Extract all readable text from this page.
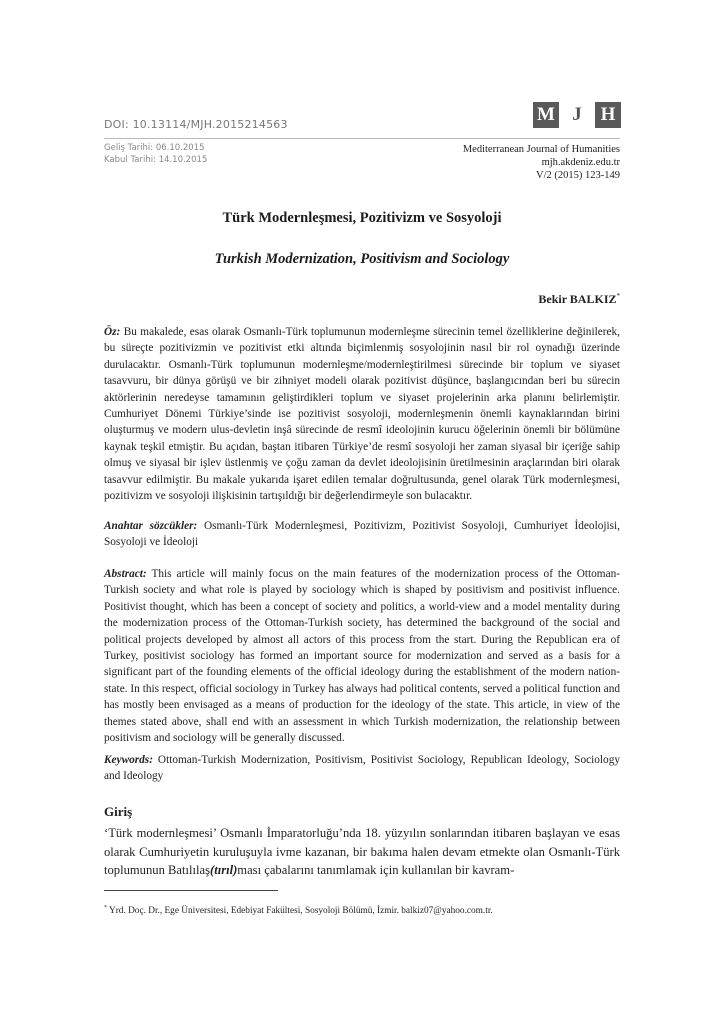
DOI: 10.13114/MJH.2015214563
Geliş Tarihi: 06.10.2015
Kabul Tarihi: 14.10.2015
M J H
Mediterranean Journal of Humanities
mjh.akdeniz.edu.tr
V/2 (2015) 123-149
Türk Modernleşmesi, Pozitivizm ve Sosyoloji
Turkish Modernization, Positivism and Sociology
Bekir BALKIZ*
Öz: Bu makalede, esas olarak Osmanlı-Türk toplumunun modernleşme sürecinin temel özelliklerine değinilerek, bu süreçte pozitivizmin ve pozitivist etki altında biçimlenmiş sosyolojinin nasıl bir rol oynadığı üzerinde durulacaktır. Osmanlı-Türk toplumunun modernleşme/modernleştirilmesi sürecinde bir toplum ve siyaset tasavvuru, bir dünya görüşü ve bir zihniyet modeli olarak pozitivist düşünce, başlangıcından beri bu sürecin aktörlerinin neredeyse tamamının geliştirdikleri toplum ve siyaset projelerinin arka planını belirlemiştir. Cumhuriyet Dönemi Türkiye’sinde ise pozitivist sosyoloji, modernleşmenin önemli kaynaklarından birini oluşturmuş ve modern ulus-devletin inşâ sürecinde de resmî ideolojinin kurucu öğelerinin önemli bir bölümüne kaynak teşkil etmiştir. Bu açıdan, baştan itibaren Türkiye’de resmî sosyoloji her zaman siyasal bir içeriğe sahip olmuş ve siyasal bir işlev üstlenmiş ve çoğu zaman da devlet ideolojisinin üretilmesinin araçlarından biri olarak tasavvur edilmiştir. Bu makale yukarıda işaret edilen temalar doğrultusunda, genel olarak Türk modernleşmesi, pozitivizm ve sosyoloji ilişkisinin tartışıldığı bir değerlendirmeyle son bulacaktır.
Anahtar sözcükler: Osmanlı-Türk Modernleşmesi, Pozitivizm, Pozitivist Sosyoloji, Cumhuriyet İdeolojisi, Sosyoloji ve İdeoloji
Abstract: This article will mainly focus on the main features of the modernization process of the Ottoman-Turkish society and what role is played by sociology which is shaped by positivism and positivist influence. Positivist thought, which has been a concept of society and politics, a world-view and a model mentality during the modernization process of the Ottoman-Turkish society, has determined the background of the social and political projects developed by almost all actors of this process from the start. During the Republican era of Turkey, positivist sociology has formed an important source for modernization and served as a basis for a significant part of the founding elements of the official ideology during the establishment of the modern nation-state. In this respect, official sociology in Turkey has always had political contents, served a political function and has mostly been envisaged as a means of production for the ideology of the state. This article, in view of the themes stated above, shall end with an assessment in which Turkish modernization, the relationship between positivism and sociology will be generally discussed.
Keywords: Ottoman-Turkish Modernization, Positivism, Positivist Sociology, Republican Ideology, Sociology and Ideology
Giriş
‘Türk modernleşmesi’ Osmanlı İmparatorluğu’nda 18. yüzyılın sonlarından itibaren başlayan ve esas olarak Cumhuriyetin kuruluşuyla ivme kazanan, bir bakıma halen devam etmekte olan Osmanlı-Türk toplumunun Batılılaş(tırıl)ması çabalarını tanımlamak için kullanılan bir kavram-
* Yrd. Doç. Dr., Ege Üniversitesi, Edebiyat Fakültesi, Sosyoloji Bölümü, İzmir. balkiz07@yahoo.com.tr.
